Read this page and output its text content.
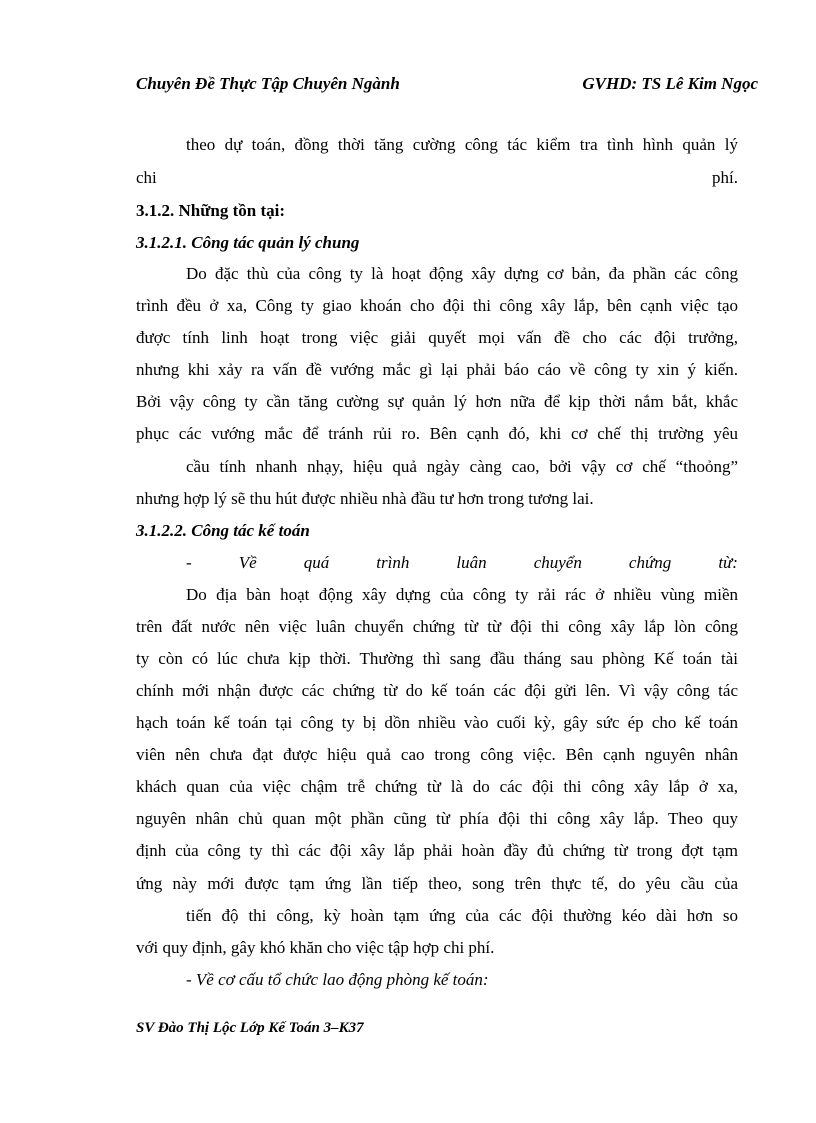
Chuyên Đề Thực Tập Chuyên Ngành	GVHD: TS Lê Kim Ngọc
theo dự toán, đồng thời tăng cường công tác kiểm tra tình hình quản lý
chi	phí.
3.1.2. Những tồn tại:
3.1.2.1. Công tác quản lý chung
Do đặc thù của công ty là hoạt động xây dựng cơ bản, đa phần các công
trình đều ở xa, Công ty giao khoán cho đội thi công xây lắp, bên cạnh việc tạo
được tính linh hoạt trong việc giải quyết mọi vấn đề cho các đội trưởng,
nhưng khi xảy ra vấn đề vướng mắc gì lại phải báo cáo về công ty xin ý kiến.
Bởi vậy công ty cần tăng cường sự quản lý hơn nữa để kịp thời nắm bắt, khắc
phục các vướng mắc để tránh rủi ro. Bên cạnh đó, khi cơ chế thị trường yêu
cầu tính nhanh nhạy, hiệu quả ngày càng cao, bởi vậy cơ chế “thoỏng”
nhưng hợp lý sẽ thu hút được nhiều nhà đầu tư hơn trong tương lai.
3.1.2.2. Công tác kế toán
-	Về	quá	trình	luân	chuyển	chứng	từ:
Do địa bàn hoạt động xây dựng của công ty rải rác ở nhiều vùng miền
trên đất nước nên việc luân chuyển chứng từ từ đội thi công xây lắp lòn công
ty còn có lúc chưa kịp thời. Thường thì sang đầu tháng sau phòng Kế toán tài
chính mới nhận được các chứng từ do kế toán các đội gửi lên. Vì vậy công tác
hạch toán kế toán tại công ty bị dồn nhiều vào cuối kỳ, gây sức ép cho kế toán
viên nên chưa đạt được hiệu quả cao trong công việc. Bên cạnh nguyên nhân
khách quan của việc chậm trễ chứng từ là do các đội thi công xây lắp ở xa,
nguyên nhân chủ quan một phần cũng từ phía đội thi công xây lắp. Theo quy
định của công ty thì các đội xây lắp phải hoàn đầy đủ chứng từ trong đợt tạm
ứng này mới được tạm ứng lần tiếp theo, song trên thực tế, do yêu cầu của
tiến độ thi công, kỳ hoàn tạm ứng của các đội thường kéo dài hơn so
với quy định, gây khó khăn cho việc tập hợp chi phí.
- Về cơ cấu tổ chức lao động phòng kế toán:
SV Đào Thị Lộc Lớp Kế Toán 3–K37
